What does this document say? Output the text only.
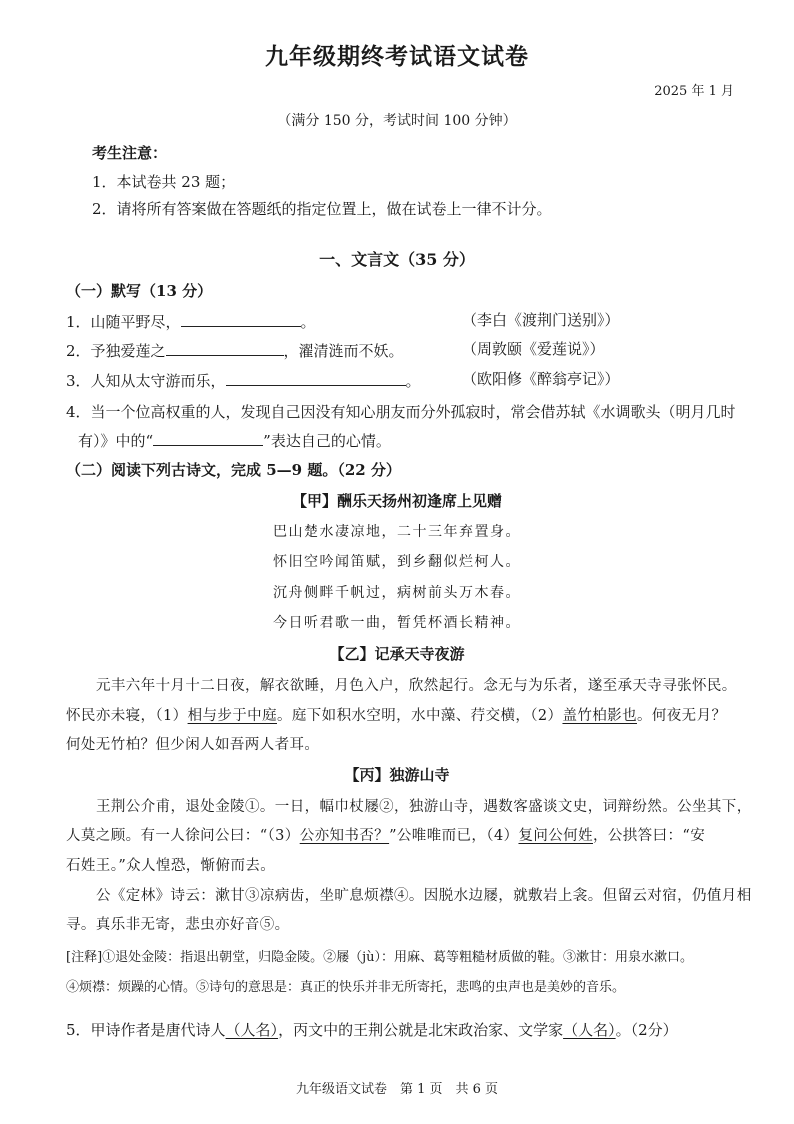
九年级期终考试语文试卷
2025 年 1 月
（满分 150 分，考试时间 100 分钟）
考生注意：
1．本试卷共 23 题；
2．请将所有答案做在答题纸的指定位置上，做在试卷上一律不计分。
一、文言文（35 分）
（一）默写（13 分）
1．山随平野尽，	。	（李白《渡荆门送别》）
2．予独爱莲之	，濯清涟而不妖。	（周敦颐《爱莲说》）
3．人知从太守游而乐，	。	（欧阳修《醉翁亭记》）
4．当一个位高权重的人，发现自己因没有知心朋友而分外孤寂时，常会借苏轼《水调歌头（明月几时
有）》中的“	”表达自己的心情。
（二）阅读下列古诗文，完成 5—9 题。（22 分）
【甲】酬乐天扬州初逢席上见赠
巴山楚水凄凉地，二十三年弃置身。
怀旧空吟闻笛赋，到乡翻似烂柯人。
沉舟侧畔千帆过，病树前头万木春。
今日听君歌一曲，暂凭杯酒长精神。
【乙】记承天寺夜游
元丰六年十月十二日夜，解衣欲睡，月色入户，欣然起行。念无与为乐者，遂至承天寺寻张怀民。
怀民亦未寝，（1）相与步于中庭。庭下如积水空明，水中藻、荇交横，（2）盖竹柏影也。何夜无月？
何处无竹柏？但少闲人如吾两人者耳。
【丙】独游山寺
王荆公介甫，退处金陵①。一日，幅巾杖屦②，独游山寺，遇数客盛谈文史，词辩纷然。公坐其下，
人莫之顾。有一人徐问公曰：“（3）公亦知书否？”公唯唯而已，（4）复问公何姓，公拱答曰：“安
石姓王。”众人惶恐，惭俯而去。
公《定林》诗云：漱甘③凉病齿，坐旷息烦襟④。因脱水边屦，就敷岩上衾。但留云对宿，仍值月相
寻。真乐非无寄，悲虫亦好音⑤。
[注释]①退处金陵：指退出朝堂，归隐金陵。②屦（jù）：用麻、葛等粗糙材质做的鞋。③漱甘：用泉水漱口。
④烦襟：烦躁的心情。⑤诗句的意思是：真正的快乐并非无所寄托，悲鸣的虫声也是美妙的音乐。
5．甲诗作者是唐代诗人（人名），丙文中的王荆公就是北宋政治家、文学家（人名）。（2分）
九年级语文试卷　第 1 页　共 6 页
